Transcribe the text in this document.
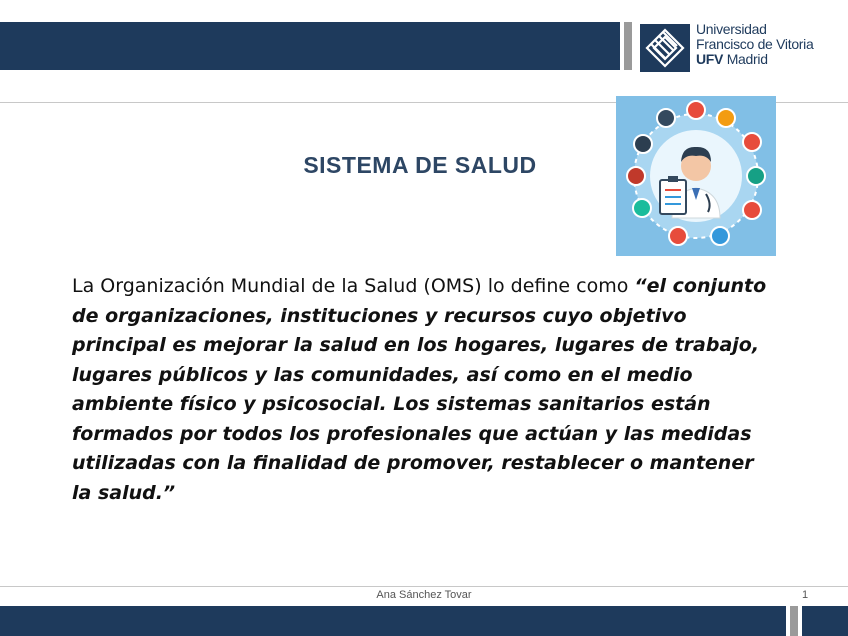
Universidad
Francisco de Vitoria
UFV Madrid
SISTEMA DE SALUD
La Organización Mundial de la Salud (OMS) lo define como “el conjunto de organizaciones, instituciones y recursos cuyo objetivo principal es mejorar la salud en los hogares, lugares de trabajo, lugares públicos y las comunidades, así como en el medio ambiente físico y psicosocial. Los sistemas sanitarios están formados por todos los profesionales que actúan y las medidas utilizadas con la finalidad de promover, restablecer o mantener la salud.”
Ana Sánchez Tovar	1
